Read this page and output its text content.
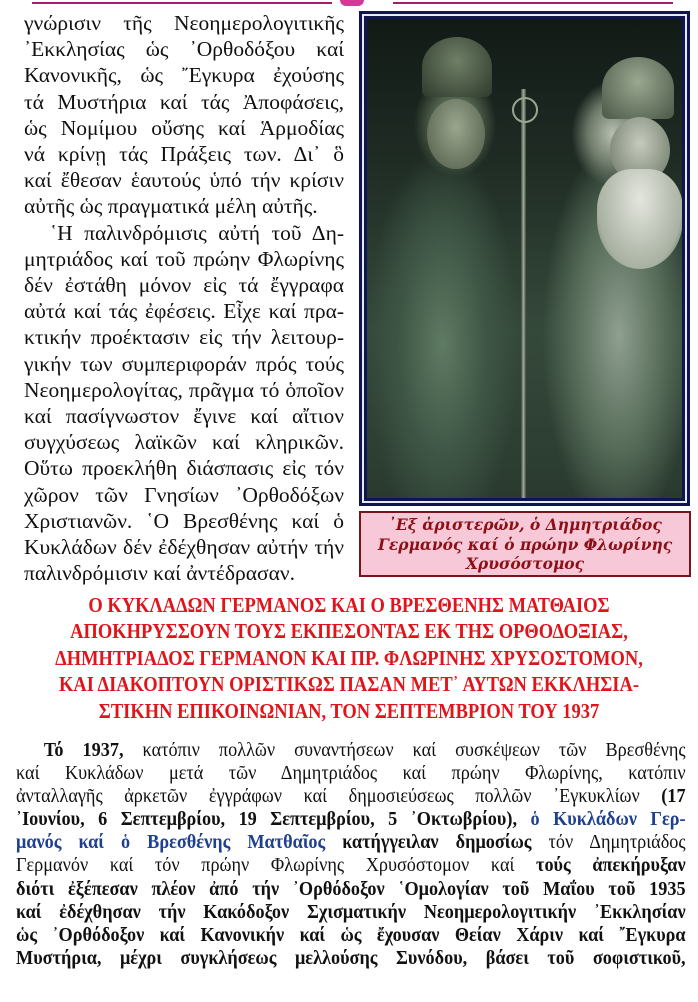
γνώρισιν τῆς Νεοημερολογιτικῆς
᾿Εκκλησίας ὡς ᾿Ορθοδόξου καί
Κανονικῆς, ὡς ῎Εγκυρα ἐχούσης
τά Μυστήρια καί τάς Ἀποφάσεις,
ὡς Νομίμου οὔσης καί Ἁρμοδίας
νά κρίνῃ τάς Πράξεις των. Δι᾿ ὃ
καί ἔθεσαν ἑαυτούς ὑπό τήν κρίσιν
αὐτῆς ὡς πραγματικά μέλη αὐτῆς.

῾Η παλινδρόμισις αὐτή τοῦ Δη-
μητριάδος καί τοῦ πρώην Φλωρίνης
δέν ἐστάθη μόνον εἰς τά ἔγγραφα
αὐτά καί τάς ἐφέσεις. Εἶχε καί πρα-
κτικήν προέκτασιν εἰς τήν λειτουρ-
γικήν των συμπεριφοράν πρός τούς
Νεοημερολογίτας, πρᾶγμα τό ὁποῖον
καί πασίγνωστον ἔγινε καί αἴτιον
συγχύσεως λαϊκῶν καί κληρικῶν.
Οὕτω προεκλήθη διάσπασις εἰς τόν
χῶρον τῶν Γνησίων ᾿Ορθοδόξων
Χριστιανῶν. ῾Ο Βρεσθένης καί ὁ
Κυκλάδων δέν ἐδέχθησαν αὐτήν τήν
παλινδρόμισιν καί ἀντέδρασαν.

᾿Εξ ἀριστερῶν, ὁ Δημητριάδος
Γερμανός καί ὁ πρώην Φλωρίνης
Χρυσόστομος
Ο ΚΥΚΛΑΔΩΝ ΓΕΡΜΑΝΟΣ ΚΑΙ Ο ΒΡΕΣΘΕΝΗΣ ΜΑΤΘΑΙΟΣ
ΑΠΟΚΗΡΥΣΣΟΥΝ ΤΟΥΣ ΕΚΠΕΣΟΝΤΑΣ ΕΚ ΤΗΣ ΟΡΘΟΔΟΞΙΑΣ,
ΔΗΜΗΤΡΙΑΔΟΣ ΓΕΡΜΑΝΟΝ ΚΑΙ ΠΡ. ΦΛΩΡΙΝΗΣ ΧΡΥΣΟΣΤΟΜΟΝ,
ΚΑΙ ΔΙΑΚΟΠΤΟΥΝ ΟΡΙΣΤΙΚΩΣ ΠΑΣΑΝ ΜΕΤ᾿ ΑΥΤΩΝ ΕΚΚΛΗΣΙΑ-
ΣΤΙΚΗΝ ΕΠΙΚΟΙΝΩΝΙΑΝ, ΤΟΝ ΣΕΠΤΕΜΒΡΙΟΝ ΤΟΥ 1937
Τό 1937, κατόπιν πολλῶν συναντήσεων καί συσκέψεων τῶν Βρεσθένης
καί Κυκλάδων μετά τῶν Δημητριάδος καί πρώην Φλωρίνης, κατόπιν
ἀνταλλαγῆς ἀρκετῶν ἐγγράφων καί δημοσιεύσεως πολλῶν ᾿Εγκυκλίων (17
᾿Ιουνίου, 6 Σεπτεμβρίου, 19 Σεπτεμβρίου, 5 ᾿Οκτωβρίου), ὁ Κυκλάδων Γερ-
μανός καί ὁ Βρεσθένης Ματθαῖος κατήγγειλαν δημοσίως τόν Δημητριάδος
Γερμανόν καί τόν πρώην Φλωρίνης Χρυσόστομον καί τούς ἀπεκήρυξαν
διότι ἐξέπεσαν πλέον ἀπό τήν ᾿Ορθόδοξον ῾Ομολογίαν τοῦ Μαΐου τοῦ 1935
καί ἐδέχθησαν τήν Κακόδοξον Σχισματικήν Νεοημερολογιτικήν ᾿Εκκλησίαν
ὡς ᾿Ορθόδοξον καί Κανονικήν καί ὡς ἔχουσαν Θείαν Χάριν καί ῎Εγκυρα
Μυστήρια, μέχρι συγκλήσεως μελλούσης Συνόδου, βάσει τοῦ σοφιστικοῦ,
